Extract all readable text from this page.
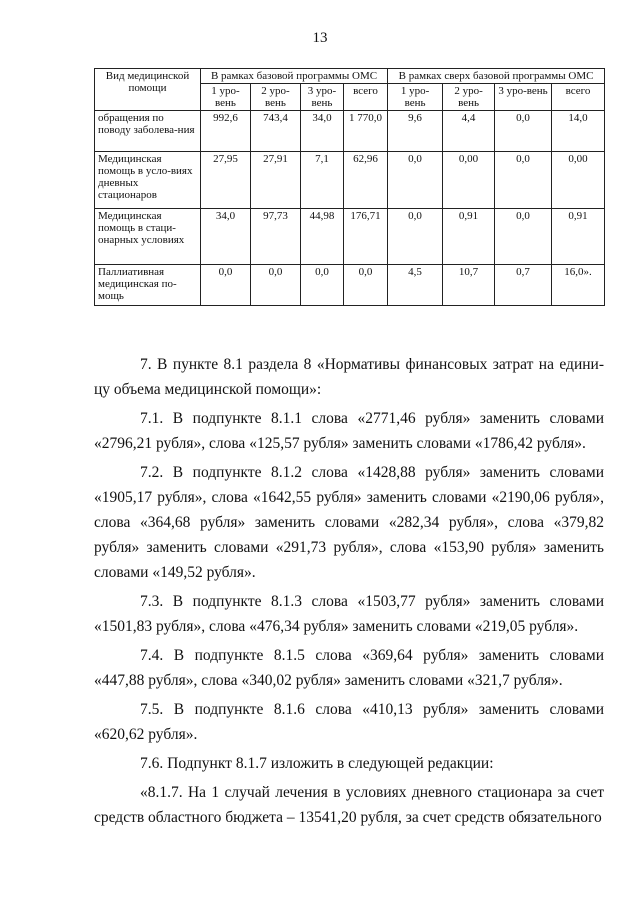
13
Вид медицинской помощи	В рамках базовой программы ОМС				В рамках сверх базовой программы ОМС			
	1 уро-вень	2 уро-вень	3 уро-вень	всего	1 уро-вень	2 уро-вень	3 уро-вень	всего
обращения по поводу заболева-ния	992,6	743,4	34,0	1 770,0	9,6	4,4	0,0	14,0
Медицинская помощь в усло-виях дневных стационаров	27,95	27,91	7,1	62,96	0,0	0,00	0,0	0,00
Медицинская помощь в стаци-онарных условиях	34,0	97,73	44,98	176,71	0,0	0,91	0,0	0,91
Паллиативная медицинская по-мощь	0,0	0,0	0,0	0,0	4,5	10,7	0,7	16,0».

7. В пункте 8.1 раздела 8 «Нормативы финансовых затрат на едини-цу объема медицинской помощи»:

7.1. В подпункте 8.1.1 слова «2771,46 рубля» заменить словами «2796,21 рубля», слова «125,57 рубля» заменить словами «1786,42 рубля».

7.2. В подпункте 8.1.2 слова «1428,88 рубля» заменить словами «1905,17 рубля», слова «1642,55 рубля» заменить словами «2190,06 рубля», слова «364,68 рубля» заменить словами «282,34 рубля», слова «379,82 рубля» заменить словами «291,73 рубля», слова «153,90 рубля» заменить словами «149,52 рубля».

7.3. В подпункте 8.1.3 слова «1503,77 рубля» заменить словами «1501,83 рубля», слова «476,34 рубля» заменить словами «219,05 рубля».

7.4. В подпункте 8.1.5 слова «369,64 рубля» заменить словами «447,88 рубля», слова «340,02 рубля» заменить словами «321,7 рубля».

7.5. В подпункте 8.1.6 слова «410,13 рубля» заменить словами «620,62 рубля».

7.6. Подпункт 8.1.7 изложить в следующей редакции:

«8.1.7. На 1 случай лечения в условиях дневного стационара за счет средств областного бюджета – 13541,20 рубля, за счет средств обязательного
